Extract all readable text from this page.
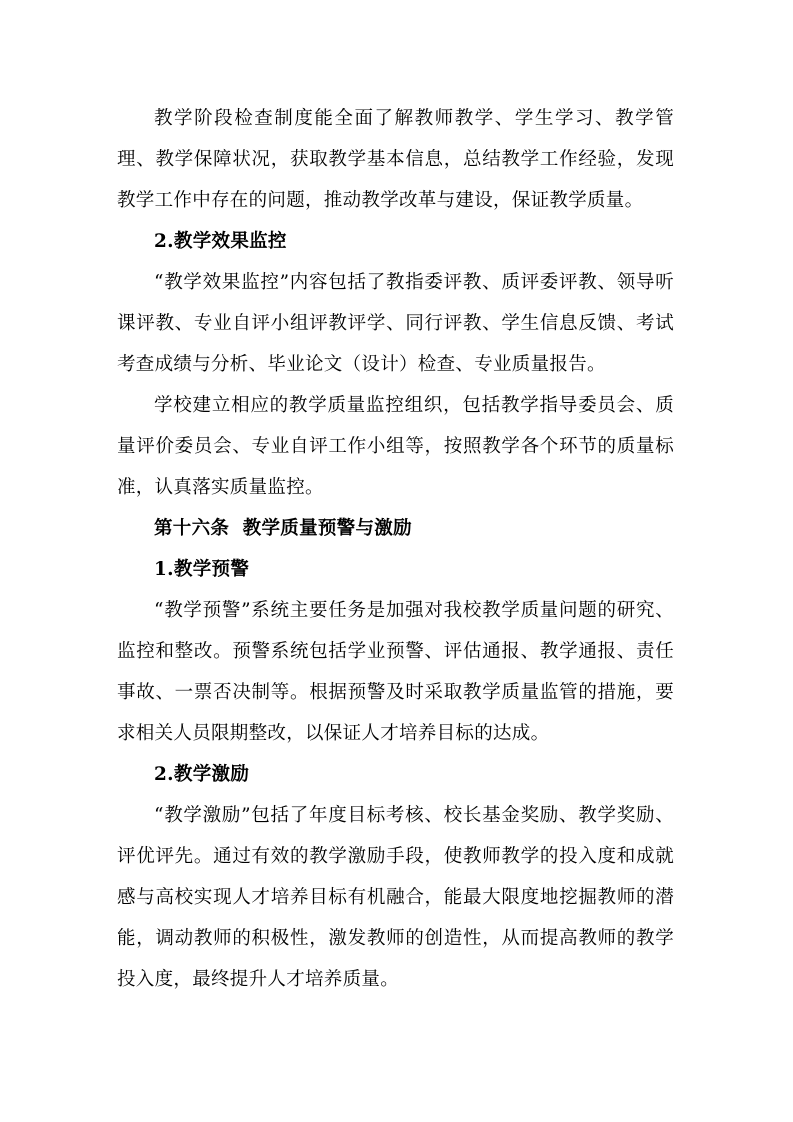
教学阶段检查制度能全面了解教师教学、学生学习、教学管理、教学保障状况，获取教学基本信息，总结教学工作经验，发现教学工作中存在的问题，推动教学改革与建设，保证教学质量。

2.教学效果监控

“教学效果监控”内容包括了教指委评教、质评委评教、领导听课评教、专业自评小组评教评学、同行评教、学生信息反馈、考试考查成绩与分析、毕业论文（设计）检查、专业质量报告。

学校建立相应的教学质量监控组织，包括教学指导委员会、质量评价委员会、专业自评工作小组等，按照教学各个环节的质量标准，认真落实质量监控。

第十六条  教学质量预警与激励

1.教学预警

“教学预警”系统主要任务是加强对我校教学质量问题的研究、监控和整改。预警系统包括学业预警、评估通报、教学通报、责任事故、一票否决制等。根据预警及时采取教学质量监管的措施，要求相关人员限期整改，以保证人才培养目标的达成。

2.教学激励

“教学激励”包括了年度目标考核、校长基金奖励、教学奖励、评优评先。通过有效的教学激励手段，使教师教学的投入度和成就感与高校实现人才培养目标有机融合，能最大限度地挖掘教师的潜能，调动教师的积极性，激发教师的创造性，从而提高教师的教学投入度，最终提升人才培养质量。
